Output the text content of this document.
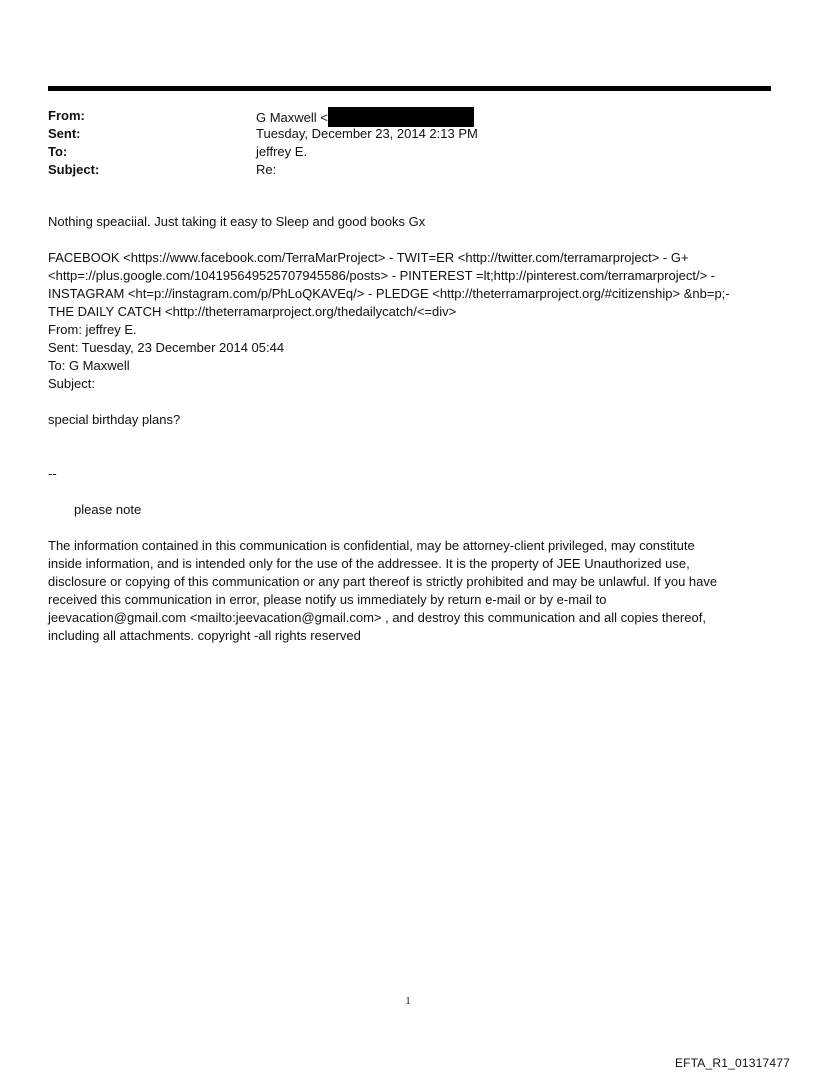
From:	G Maxwell <
Sent:	Tuesday, December 23, 2014 2:13 PM
To:	jeffrey E.
Subject:	Re:
Nothing speaciial. Just taking it easy to Sleep and good books Gx
FACEBOOK <https://www.facebook.com/TerraMarProject> - TWIT=ER <http://twitter.com/terramarproject> - G+
<http=://plus.google.com/104195649525707945586/posts> - PINTEREST =lt;http://pinterest.com/terramarproject/> -
INSTAGRAM <ht=p://instagram.com/p/PhLoQKAVEq/> - PLEDGE <http://theterramarproject.org/#citizenship> &nb=p;-
THE DAILY CATCH <http://theterramarproject.org/thedailycatch/<=div>
From: jeffrey E.
Sent: Tuesday, 23 December 2014 05:44
To: G Maxwell
Subject:
special birthday plans?
--
please note
The information contained in this communication is confidential, may be attorney-client privileged, may constitute
inside information, and is intended only for the use of the addressee. It is the property of JEE Unauthorized use,
disclosure or copying of this communication or any part thereof is strictly prohibited and may be unlawful. If you have
received this communication in error, please notify us immediately by return e-mail or by e-mail to
jeevacation@gmail.com <mailto:jeevacation@gmail.com> , and destroy this communication and all copies thereof,
including all attachments. copyright -all rights reserved
1
EFTA_R1_01317477
